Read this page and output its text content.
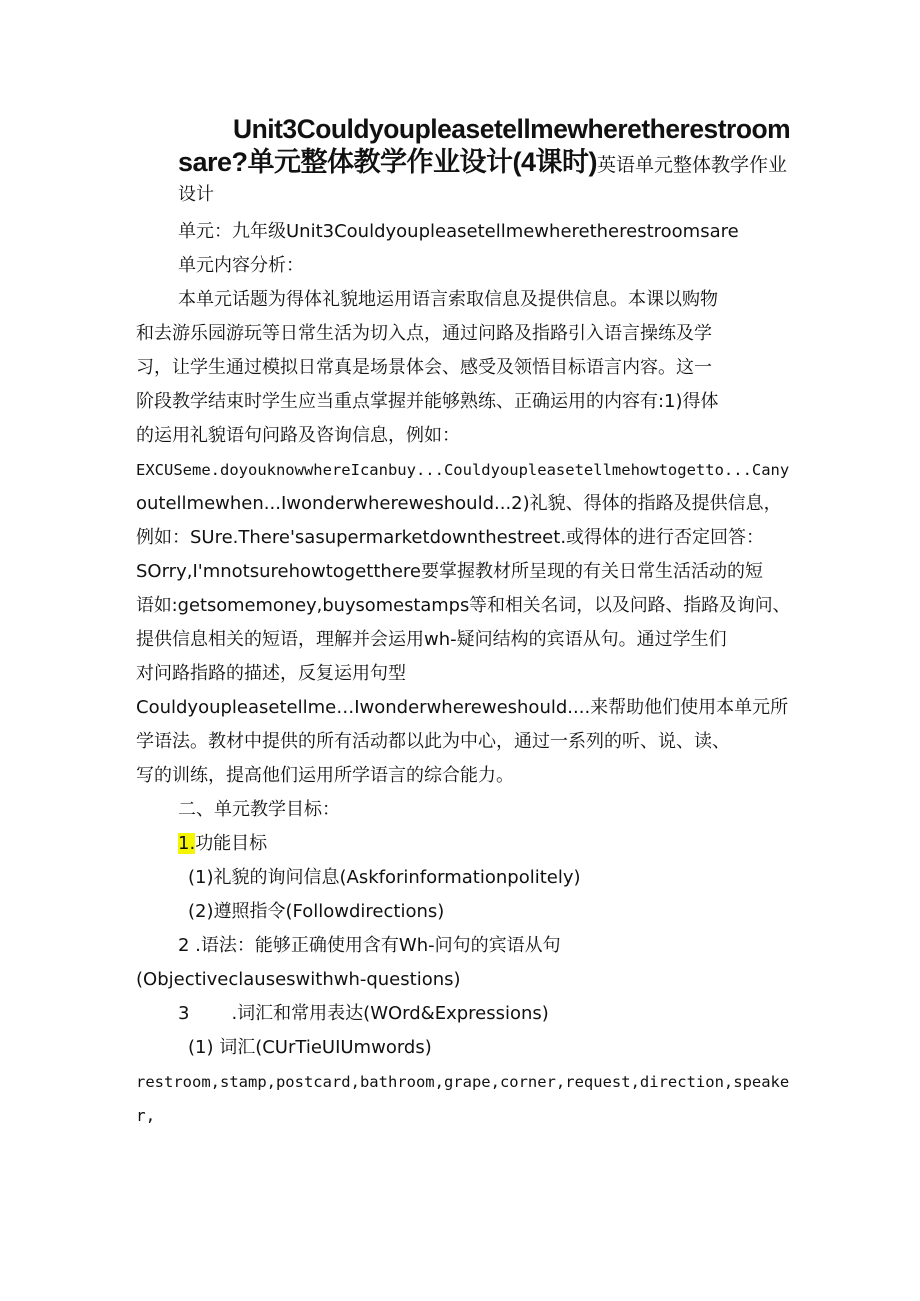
Unit3Couldyoupleasetellmewheretherestroom
sare?单元整体教学作业设计(4课时)英语单元整体教学作业
设计
单元：九年级Unit3Couldyoupleasetellmewheretherestroomsare
单元内容分析：
本单元话题为得体礼貌地运用语言索取信息及提供信息。本课以购物
和去游乐园游玩等日常生活为切入点，通过问路及指路引入语言操练及学
习，让学生通过模拟日常真是场景体会、感受及领悟目标语言内容。这一
阶段教学结束时学生应当重点掌握并能够熟练、正确运用的内容有:1)得体
的运用礼貌语句问路及咨询信息，例如：
EXCUSeme.doyouknowwhereIcanbuy...Couldyoupleasetellmehowtogetto...Cany
outellmewhen...Iwonderwhereweshould...2)礼貌、得体的指路及提供信息，
例如：SUre.There'sasupermarketdownthestreet.或得体的进行否定回答：
SOrry,I'mnotsurehowtogetthere要掌握教材所呈现的有关日常生活活动的短
语如:getsomemoney,buysomestamps等和相关名词，以及问路、指路及询问、
提供信息相关的短语，理解并会运用wh-疑问结构的宾语从句。通过学生们
对问路指路的描述，反复运用句型
Couldyoupleasetellme…Iwonderwhereweshould....来帮助他们使用本单元所
学语法。教材中提供的所有活动都以此为中心，通过一系列的听、说、读、
写的训练，提高他们运用所学语言的综合能力。
二、单元教学目标：
1.功能目标
(1)礼貌的询问信息(Askforinformationpolitely)
(2)遵照指令(Followdirections)
2 .语法：能够正确使用含有Wh-问句的宾语从句
(Objectiveclauseswithwh-questions)
3 .词汇和常用表达(WOrd&Expressions)
(1) 词汇(CUrTieUIUmwords)
restroom,stamp,postcard,bathroom,grape,corner,request,direction,speake
r,
